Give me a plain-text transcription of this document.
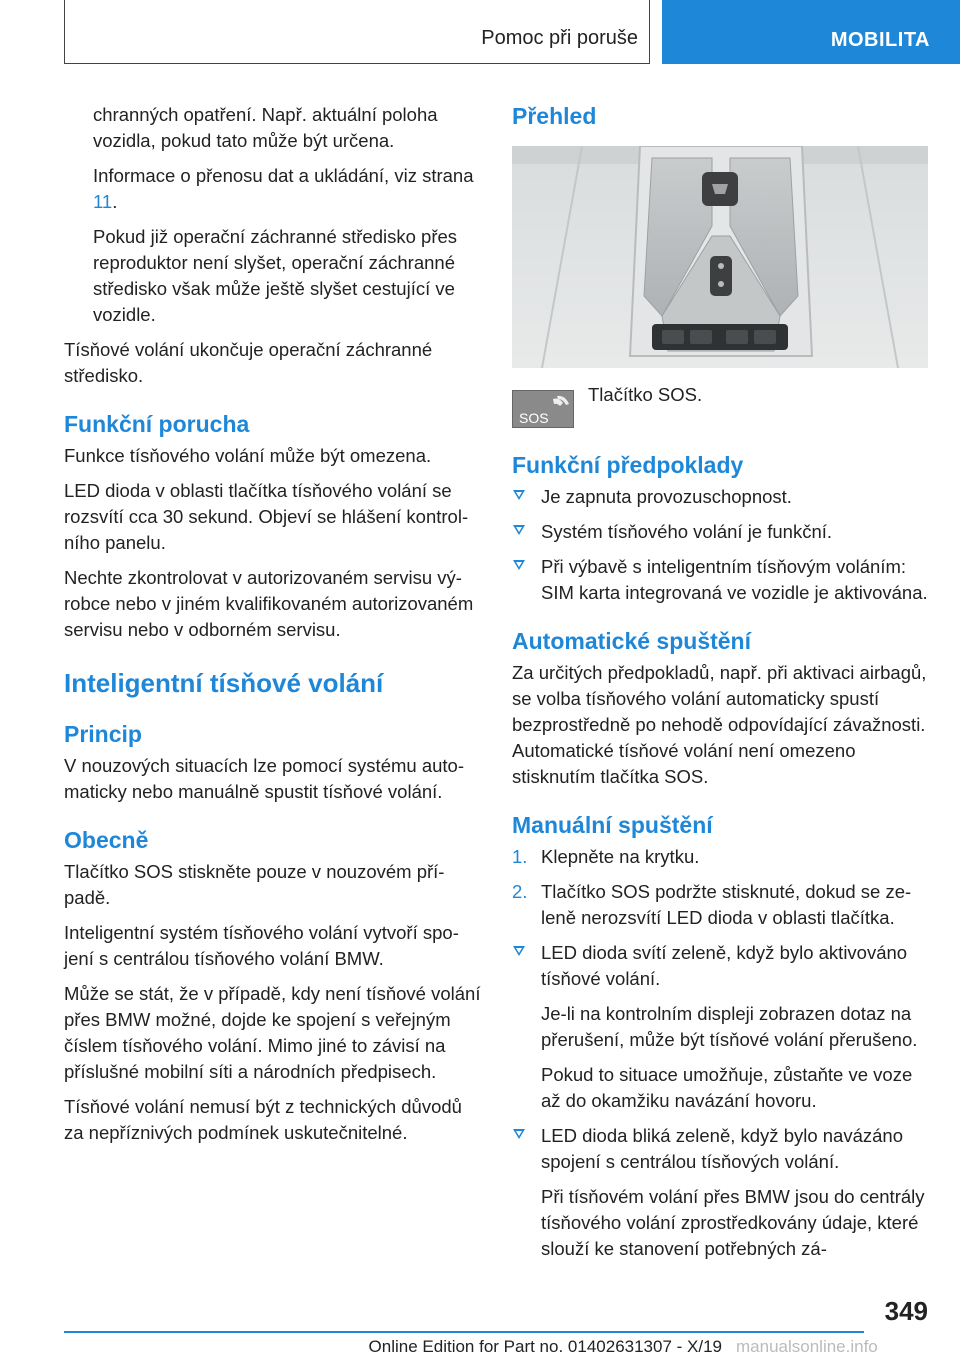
Pomoc při poruše	MOBILITA

chranných opatření. Např. aktuální poloha vozidla, pokud tato může být určena.

Informace o přenosu dat a ukládání, viz strana 11.

Pokud již operační záchranné středisko přes reproduktor není slyšet, operační záchranné středisko však může ještě slyšet cestující ve vozidle.

Tísňové volání ukončuje operační záchranné středisko.

Funkční porucha

Funkce tísňového volání může být omezena.

LED dioda v oblasti tlačítka tísňového volání se rozsvítí cca 30 sekund. Objeví se hlášení kontrolního panelu.

Nechte zkontrolovat v autorizovaném servisu výrobce nebo v jiném kvalifikovaném autorizovaném servisu nebo v odborném servisu.

Inteligentní tísňové volání
Princip

V nouzových situacích lze pomocí systému automaticky nebo manuálně spustit tísňové volání.

Obecně

Tlačítko SOS stiskněte pouze v nouzovém případě.

Inteligentní systém tísňového volání vytvoří spojení s centrálou tísňového volání BMW.

Může se stát, že v případě, kdy není tísňové volání přes BMW možné, dojde ke spojení s veřejným číslem tísňového volání. Mimo jiné to závisí na příslušné mobilní síti a národních předpisech.

Tísňové volání nemusí být z technických důvodů za nepříznivých podmínek uskutečnitelné.

Přehled
SOS
Tlačítko SOS.
Funkční předpoklady
Je zapnuta provozuschopnost.
Systém tísňového volání je funkční.
Při výbavě s inteligentním tísňovým voláním: SIM karta integrovaná ve vozidle je aktivována.
Automatické spuštění

Za určitých předpokladů, např. při aktivaci airbagů, se volba tísňového volání automaticky spustí bezprostředně po nehodě odpovídající závažnosti. Automatické tísňové volání není omezeno stisknutím tlačítka SOS.

Manuální spuštění
1. Klepněte na krytku.
2. Tlačítko SOS podržte stisknuté, dokud se zeleně nerozsvítí LED dioda v oblasti tlačítka.
LED dioda svítí zeleně, když bylo aktivováno tísňové volání.

Je-li na kontrolním displeji zobrazen dotaz na přerušení, může být tísňové volání přerušeno.

Pokud to situace umožňuje, zůstaňte ve voze až do okamžiku navázání hovoru.

LED dioda bliká zeleně, když bylo navázáno spojení s centrálou tísňových volání.

Při tísňovém volání přes BMW jsou do centrály tísňového volání zprostředkovány údaje, které slouží ke stanovení potřebných zá-

349
Online Edition for Part no. 01402631307 - X/19 manualsonline.info
